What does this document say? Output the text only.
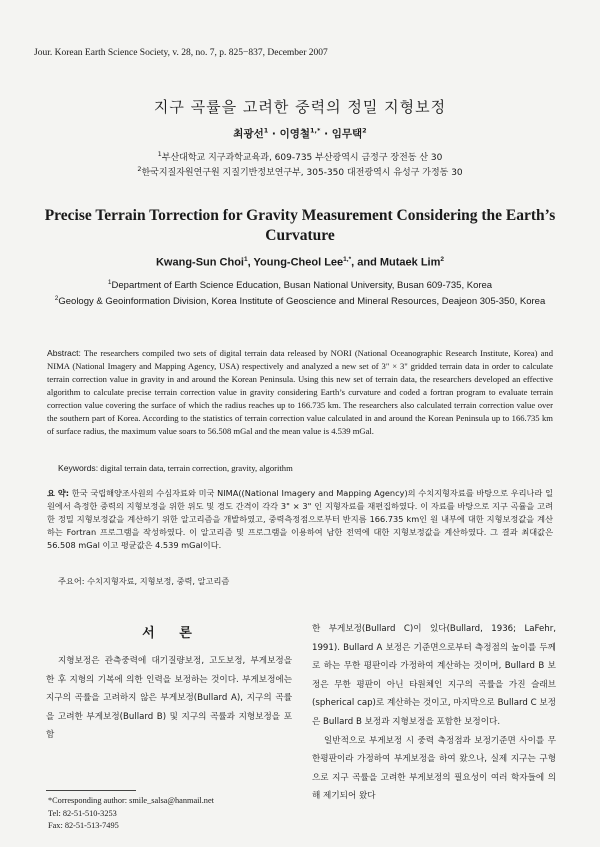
Jour. Korean Earth Science Society, v. 28, no. 7, p. 825−837, December 2007
지구 곡률을 고려한 중력의 정밀 지형보정
최광선$^1$ · 이영철$^{1,*}$ · 임무택$^2$
$^1$부산대학교 지구과학교육과, 609-735 부산광역시 금정구 장전동 산 30
$^2$한국지질자원연구원 지질기반정보연구부, 305-350 대전광역시 유성구 가정동 30
Precise Terrain Torrection for Gravity Measurement Considering the Earth’s Curvature
Kwang-Sun Choi$^1$, Young-Cheol Lee$^{1,*}$, and Mutaek Lim$^2$
$^1$Department of Earth Science Education, Busan National University, Busan 609-735, Korea
$^2$Geology & Geoinformation Division, Korea Institute of Geoscience and Mineral Resources, Deajeon 305-350, Korea
Abstract: The researchers compiled two sets of digital terrain data released by NORI (National Oceanographic Research Institute, Korea) and NIMA (National Imagery and Mapping Agency, USA) respectively and analyzed a new set of 3" × 3" gridded terrain data in order to calculate terrain correction value in gravity in and around the Korean Peninsula. Using this new set of terrain data, the researchers developed an effective algorithm to calculate precise terrain correction value in gravity considering Earth’s curvature and coded a fortran program to evaluate terrain correction value covering the surface of which the radius reaches up to 166.735 km. The researchers also calculated terrain correction value over the southern part of Korea. According to the statistics of terrain correction value calculated in and around the Korean Peninsula up to 166.735 km of surface radius, the maximum value soars to 56.508 mGal and the mean value is 4.539 mGal.
Keywords: digital terrain data, terrain correction, gravity, algorithm
요 약: 한국 국립해양조사원의 수심자료와 미국 NIMA((National Imagery and Mapping Agency)의 수치지형자료를 바탕으로 우리나라 일원에서 측정한 중력의 지형보정을 위한 위도 및 경도 간격이 각각 3" × 3" 인 지형자료를 재편집하였다. 이 자료를 바탕으로 지구 곡률을 고려한 정밀 지형보정값을 계산하기 위한 알고리즘을 개발하였고, 중력측정점으로부터 반지름 166.735 km인 원 내부에 대한 지형보정값을 계산하는 Fortran 프로그램을 작성하였다. 이 알고리즘 및 프로그램을 이용하여 남한 전역에 대한 지형보정값을 계산하였다. 그 결과 최대값은 56.508 mGal 이고 평균값은 4.539 mGal이다.
주요어: 수치지형자료, 지형보정, 중력, 알고리즘
서 론

지형보정은 관측중력에 대기질량보정, 고도보정, 부게보정을 한 후 지형의 기복에 의한 인력을 보정하는 것이다. 부게보정에는 지구의 곡률을 고려하지 않은 부게보정(Bullard A), 지구의 곡률을 고려한 부게보정(Bullard B) 및 지구의 곡률과 지형보정을 포함

한 부게보정(Bullard C)이 있다(Bullard, 1936; LaFehr, 1991). Bullard A 보정은 기준면으로부터 측정점의 높이를 두께로 하는 무한 평판이라 가정하여 계산하는 것이며, Bullard B 보정은 무한 평판이 아닌 타원체인 지구의 곡률을 가진 슬래브(spherical cap)로 계산하는 것이고, 마지막으로 Bullard C 보정은 Bullard B 보정과 지형보정을 포함한 보정이다.

일반적으로 부게보정 시 중력 측정점과 보정기준면 사이를 무한평판이라 가정하여 부게보정을 하여 왔으나, 실제 지구는 구형으로 지구 곡률을 고려한 부게보정의 필요성이 여러 학자들에 의해 제기되어 왔다

*Corresponding author: smile_salsa@hanmail.net
Tel: 82-51-510-3253
Fax: 82-51-513-7495
